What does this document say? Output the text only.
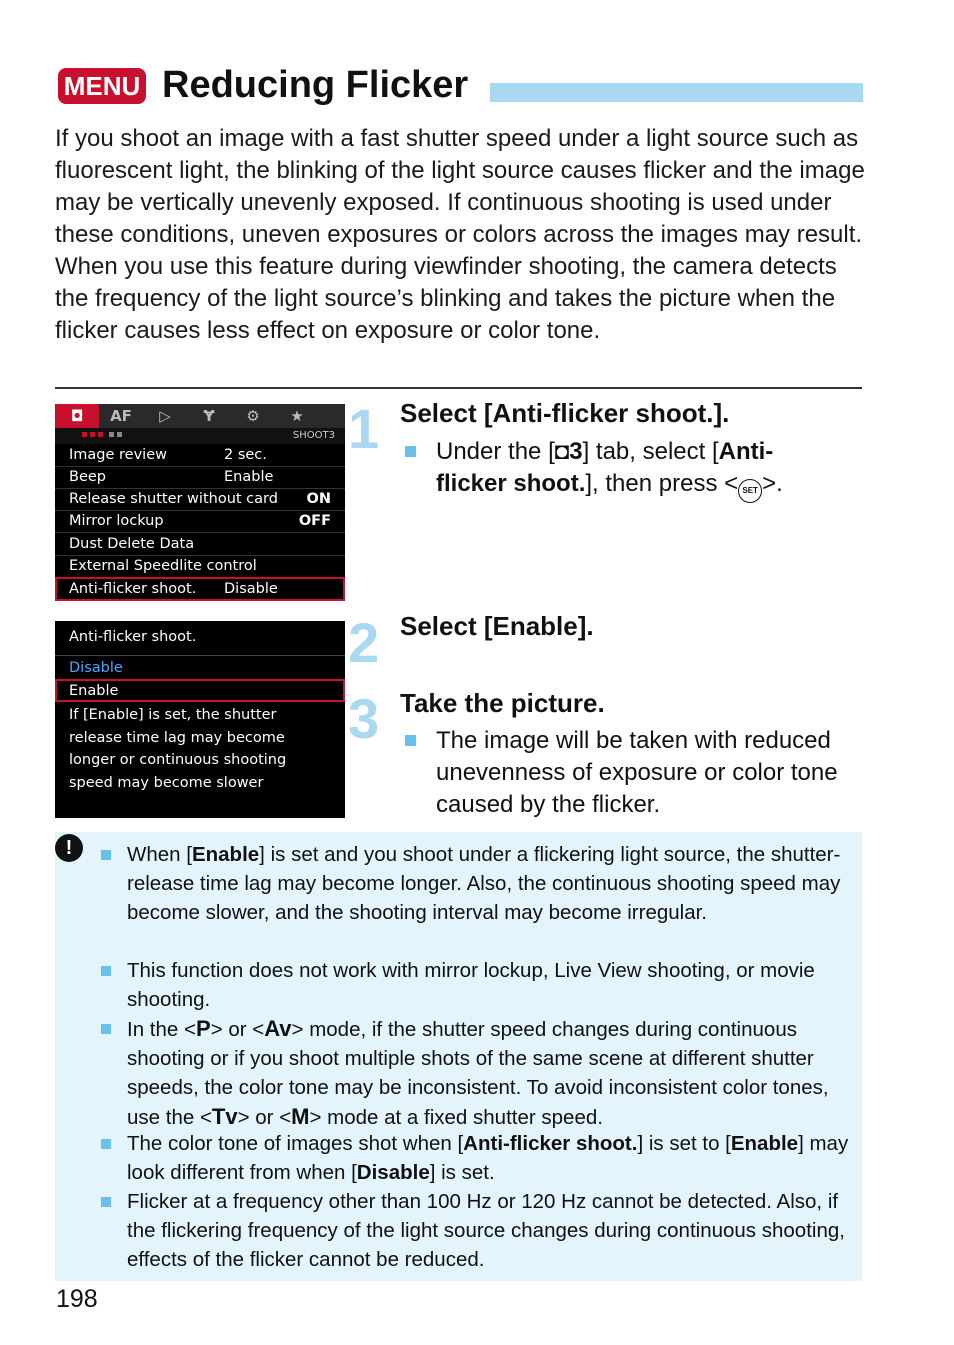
MENU Reducing Flicker

If you shoot an image with a fast shutter speed under a light source such as fluorescent light, the blinking of the light source causes flicker and the image may be vertically unevenly exposed. If continuous shooting is used under these conditions, uneven exposures or colors across the images may result. When you use this feature during viewfinder shooting, the camera detects the frequency of the light source’s blinking and takes the picture when the flicker causes less effect on exposure or color tone.

◘	AF	▷	Ɏ	⚙	★
SHOOT3
Image review	2 sec.
Beep	Enable
Release shutter without card ON
Mirror lockup	OFF
Dust Delete Data
External Speedlite control
Anti-flicker shoot. Disable
Anti-flicker shoot.
Disable
Enable
If [Enable] is set, the shutter
release time lag may become
longer or continuous shooting
speed may become slower
1 Select [Anti-flicker shoot.].

Under the [◘3] tab, select [Anti-flicker shoot.], then press < SET >.

2 Select [Enable].
3 Take the picture.

The image will be taken with reduced unevenness of exposure or color tone caused by the flicker.

!	When [Enable] is set and you shoot under a flickering light source, the shutter-release time lag may become longer. Also, the continuous shooting speed may become slower, and the shooting interval may become irregular.

This function does not work with mirror lockup, Live View shooting, or movie shooting.

In the <P> or <Av> mode, if the shutter speed changes during continuous shooting or if you shoot multiple shots of the same scene at different shutter speeds, the color tone may be inconsistent. To avoid inconsistent color tones, use the <Tv> or <M> mode at a fixed shutter speed.

The color tone of images shot when [Anti-flicker shoot.] is set to [Enable] may look different from when [Disable] is set.

Flicker at a frequency other than 100 Hz or 120 Hz cannot be detected. Also, if the flickering frequency of the light source changes during continuous shooting, effects of the flicker cannot be reduced.

198
